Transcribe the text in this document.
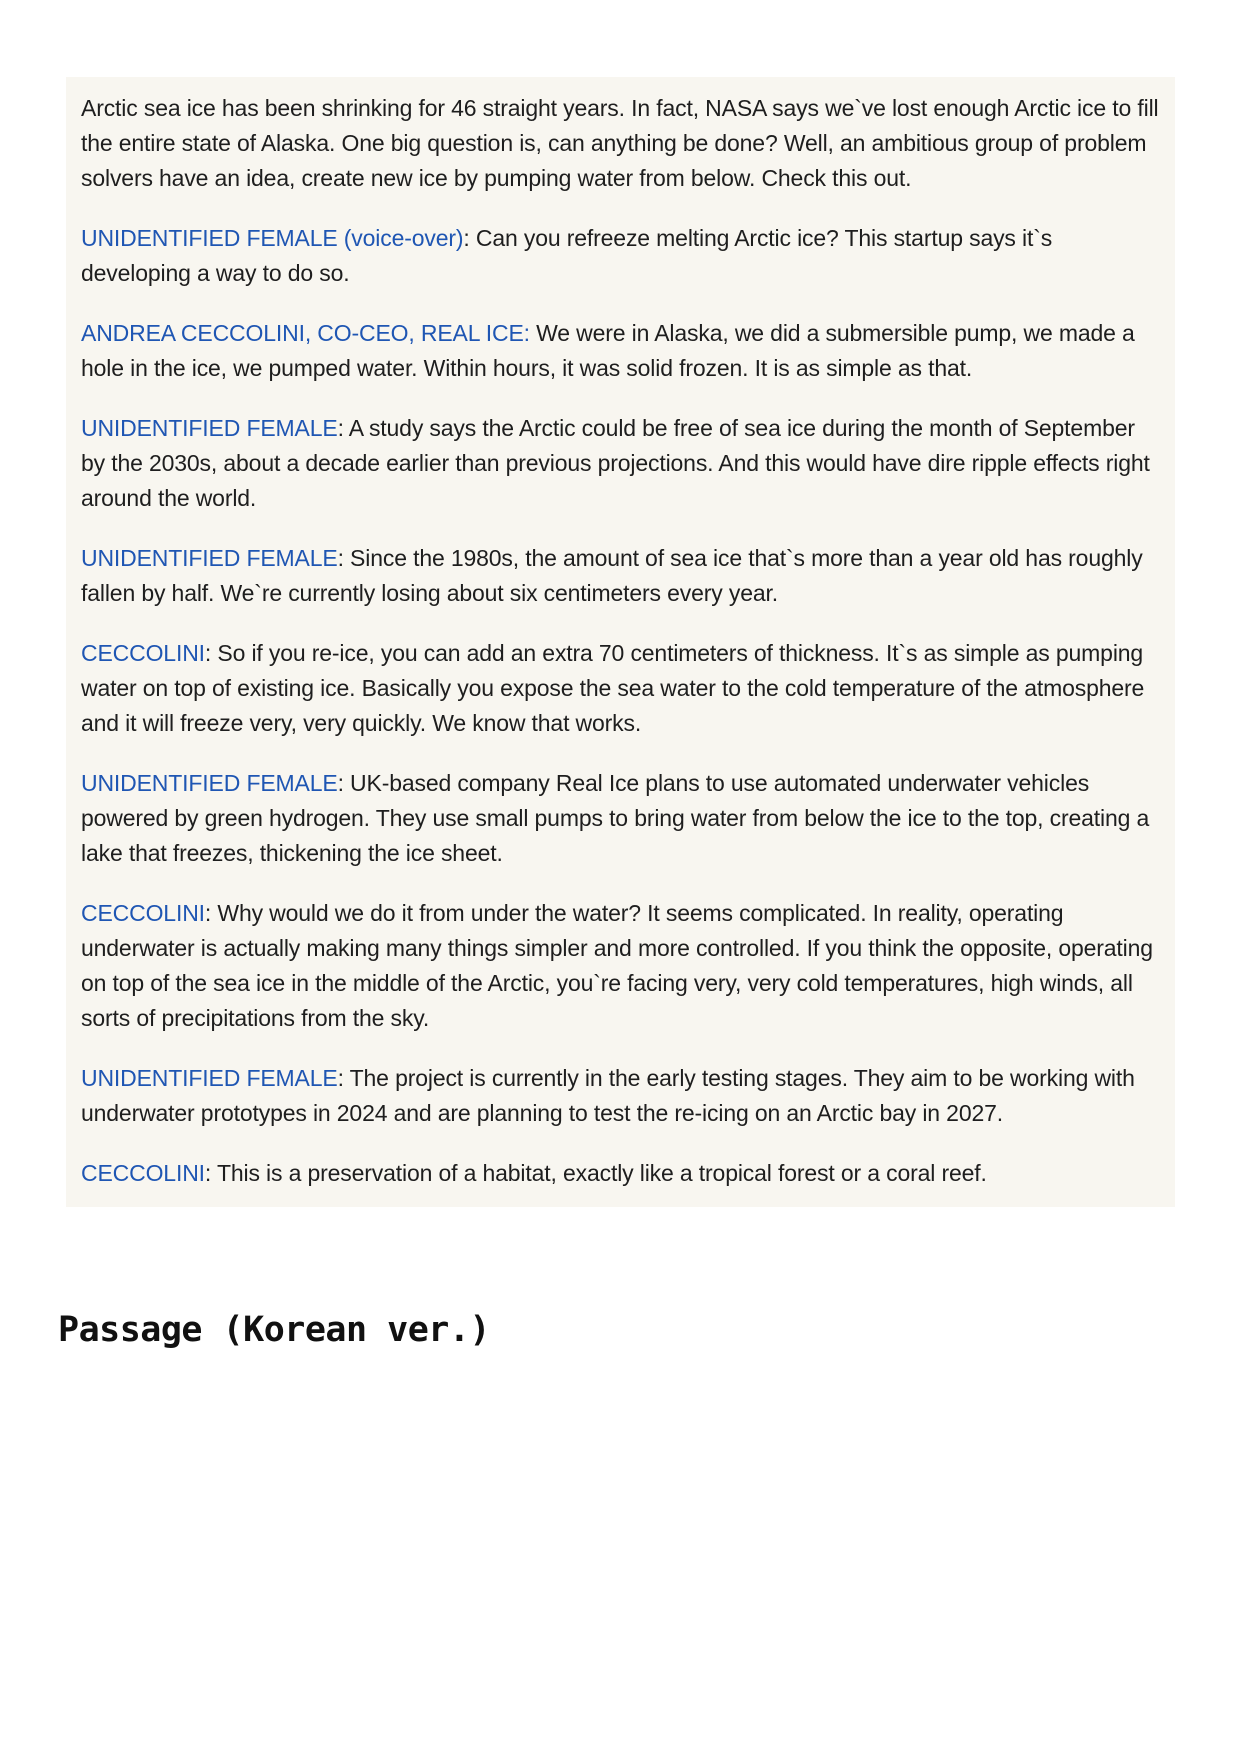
Arctic sea ice has been shrinking for 46 straight years. In fact, NASA says we`ve lost enough Arctic ice to fill the entire state of Alaska. One big question is, can anything be done? Well, an ambitious group of problem solvers have an idea, create new ice by pumping water from below. Check this out.

UNIDENTIFIED FEMALE (voice-over): Can you refreeze melting Arctic ice? This startup says it`s developing a way to do so.

ANDREA CECCOLINI, CO-CEO, REAL ICE: We were in Alaska, we did a submersible pump, we made a hole in the ice, we pumped water. Within hours, it was solid frozen. It is as simple as that.

UNIDENTIFIED FEMALE: A study says the Arctic could be free of sea ice during the month of September by the 2030s, about a decade earlier than previous projections. And this would have dire ripple effects right around the world.

UNIDENTIFIED FEMALE: Since the 1980s, the amount of sea ice that`s more than a year old has roughly fallen by half. We`re currently losing about six centimeters every year.

CECCOLINI: So if you re-ice, you can add an extra 70 centimeters of thickness. It`s as simple as pumping water on top of existing ice. Basically you expose the sea water to the cold temperature of the atmosphere and it will freeze very, very quickly. We know that works.

UNIDENTIFIED FEMALE: UK-based company Real Ice plans to use automated underwater vehicles powered by green hydrogen. They use small pumps to bring water from below the ice to the top, creating a lake that freezes, thickening the ice sheet.

CECCOLINI: Why would we do it from under the water? It seems complicated. In reality, operating underwater is actually making many things simpler and more controlled. If you think the opposite, operating on top of the sea ice in the middle of the Arctic, you`re facing very, very cold temperatures, high winds, all sorts of precipitations from the sky.

UNIDENTIFIED FEMALE: The project is currently in the early testing stages. They aim to be working with underwater prototypes in 2024 and are planning to test the re-icing on an Arctic bay in 2027.

CECCOLINI: This is a preservation of a habitat, exactly like a tropical forest or a coral reef.

Passage (Korean ver.)
